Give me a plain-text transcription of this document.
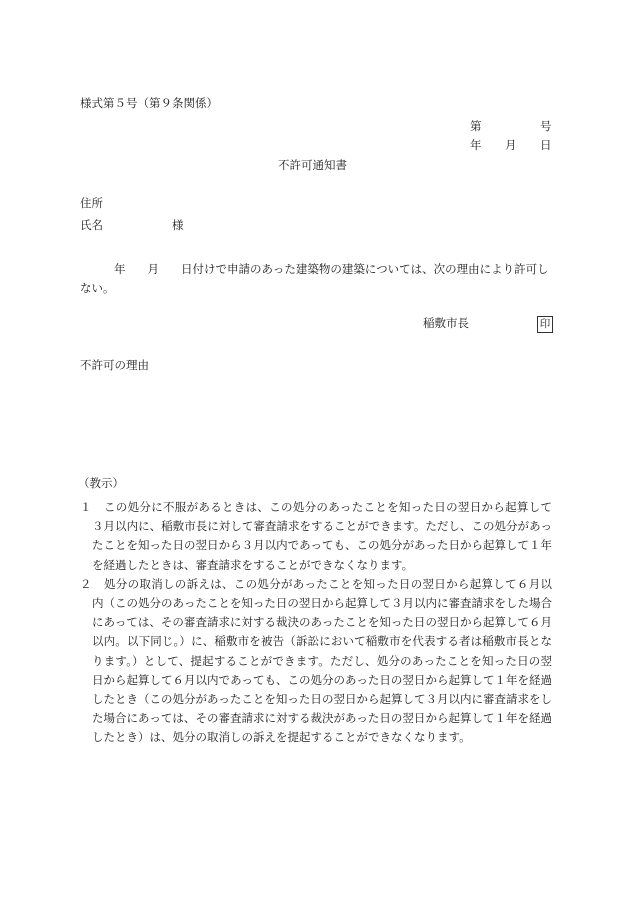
様式第５号（第９条関係）
第	号
年 月 日
不許可通知書
住所
氏名	様
年 月 日付けで申請のあった建築物の建築については、次の理由により許可しない。
稲敷市長	印
不許可の理由
（教示）
１	この処分に不服があるときは、この処分のあったことを知った日の翌日から起算して３月以内に、稲敷市長に対して審査請求をすることができます。ただし、この処分があったことを知った日の翌日から３月以内であっても、この処分があった日から起算して１年を経過したときは、審査請求をすることができなくなります。
２	処分の取消しの訴えは、この処分があったことを知った日の翌日から起算して６月以内（この処分のあったことを知った日の翌日から起算して３月以内に審査請求をした場合にあっては、その審査請求に対する裁決のあったことを知った日の翌日から起算して６月以内。以下同じ。）に、稲敷市を被告（訴訟において稲敷市を代表する者は稲敷市長となります。）として、提起することができます。ただし、処分のあったことを知った日の翌日から起算して６月以内であっても、この処分のあった日の翌日から起算して１年を経過したとき（この処分があったことを知った日の翌日から起算して３月以内に審査請求をした場合にあっては、その審査請求に対する裁決があった日の翌日から起算して１年を経過したとき）は、処分の取消しの訴えを提起することができなくなります。
